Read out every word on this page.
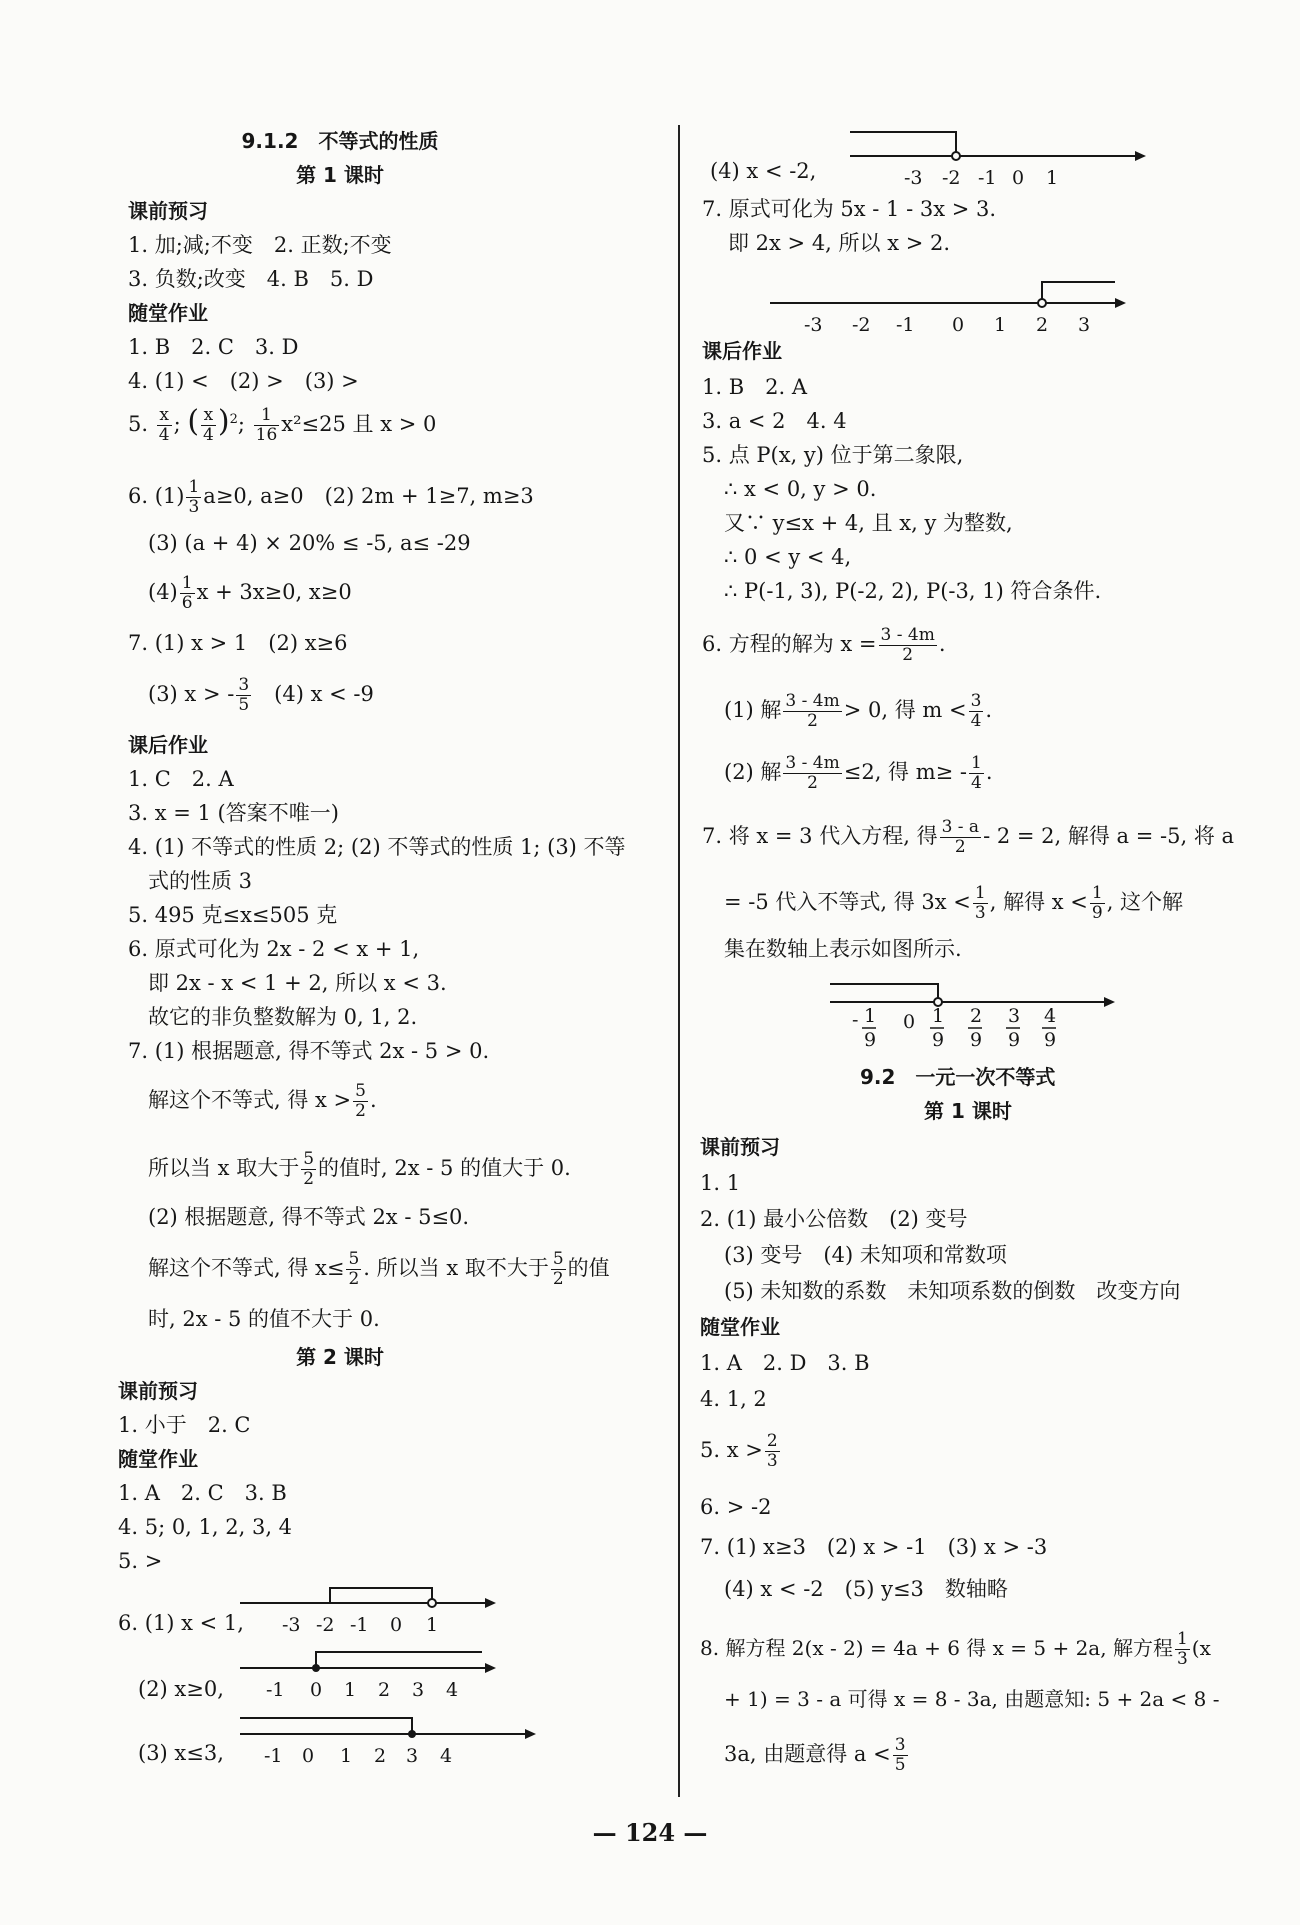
9.1.2　不等式的性质
第 1 课时
课前预习
1. 加;减;不变　2. 正数;不变
3. 负数;改变　4. B　5. D
随堂作业
1. B　2. C　3. D
4. (1) <　(2) >　(3) >
5. $\frac{x}{4}$ ; ( $\frac{x}{4} )^2$; $\frac{1}{16} x^2\le 25$ 且 x > 0
6. $(1) \frac{1}{3} a\ge 0$, a≥0　(2) 2m + 1≥7, m≥3
(3) (a + 4) × 20% ≤ -5, a≤ -29
$(4) \frac{1}{6}$ x + 3x≥0, x≥0
7. (1) x > 1　(2) x≥6
(3) x > - $\frac{3}{5}$
　 (4) x < -9
课后作业
1. C　2. A
3. x = 1 (答案不唯一)
4. (1) 不等式的性质 2; (2) 不等式的性质 1; (3) 不等
式的性质 3
5. 495 克≤x≤505 克
6. 原式可化为 2x - 2 < x + 1,
即 2x - x < 1 + 2, 所以 x < 3.
故它的非负整数解为 0, 1, 2.
7. (1) 根据题意, 得不等式 2x - 5 > 0.
解这个不等式, 得 $x > \frac{5}{2}$ .
所以当 x 取大于 $\frac{5}{2}$ 的值时, 2x - 5 的值大于 0.
(2) 根据题意, 得不等式 2x - 5≤0.
解这个不等式, 得 $x\le \frac{5}{2}$ . 所以当 x 取不大于 $\frac{5}{2}$ 的值
时, 2x - 5 的值不大于 0.
第 2 课时
课前预习
1. 小于　2. C
随堂作业
1. A　2. C　3. B
4. 5; 0, 1, 2, 3, 4
5. >
6. (1) x < 1, -3 -2 -1 0 1
(2) x≥0, -1 0 1 2 3 4
(3) x≤3, -1 0 1 2 3 4
(4) x < -2,	-3 -2 -1 0 1
7. 原式可化为 5x - 1 - 3x > 3.
即 2x > 4, 所以 x > 2.
-3 -2 -1 0 1 2 3
课后作业
1. B　2. A
3. a < 2　4. 4
5. 点 P(x, y) 位于第二象限,
∴ x < 0, y > 0.
又∵ y≤x + 4, 且 x, y 为整数,
∴ 0 < y < 4,
∴ P(-1, 3), P(-2, 2), P(-3, 1) 符合条件.
6. 方程的解为 $x = \frac{3 - 4m}{2}$ .
(1) 解 $\frac{3 - 4m}{2} > 0$, 得 $m < \frac{3}{4}$ .
(2) 解 $\frac{3 - 4m}{2} \le 2$, 得 $m\ge - \frac{1}{4}$ .
7. 将 x = 3 代入方程, 得 $\frac{3 - a}{2} - 2 = 2$, 解得 a = -5, 将 a
= -5 代入不等式, 得 $3x < \frac{1}{3}$ , 解得 $x < \frac{1}{9}$ , 这个解
集在数轴上表示如图所示.
- 1
9
0 1
9
2
9
3
9
4
9
9.2　一元一次不等式
第 1 课时
课前预习
1. 1
2. (1) 最小公倍数　(2) 变号
(3) 变号　(4) 未知项和常数项
(5) 未知数的系数　未知项系数的倒数　改变方向
随堂作业
1. A　2. D　3. B
4. 1, 2
5. $x > \frac{2}{3}$
6. > -2
7. (1) x≥3　(2) x > -1　(3) x > -3
(4) x < -2　(5) y≤3　数轴略
8. 解方程 2(x - 2) = 4a + 6 得 x = 5 + 2a, 解方程 $\frac{1}{3} (x$
+ 1) = 3 - a 可得 x = 8 - 3a, 由题意知: 5 + 2a < 8 -
3a, 由题意得 $a < \frac{3}{5}$
— 124 —
